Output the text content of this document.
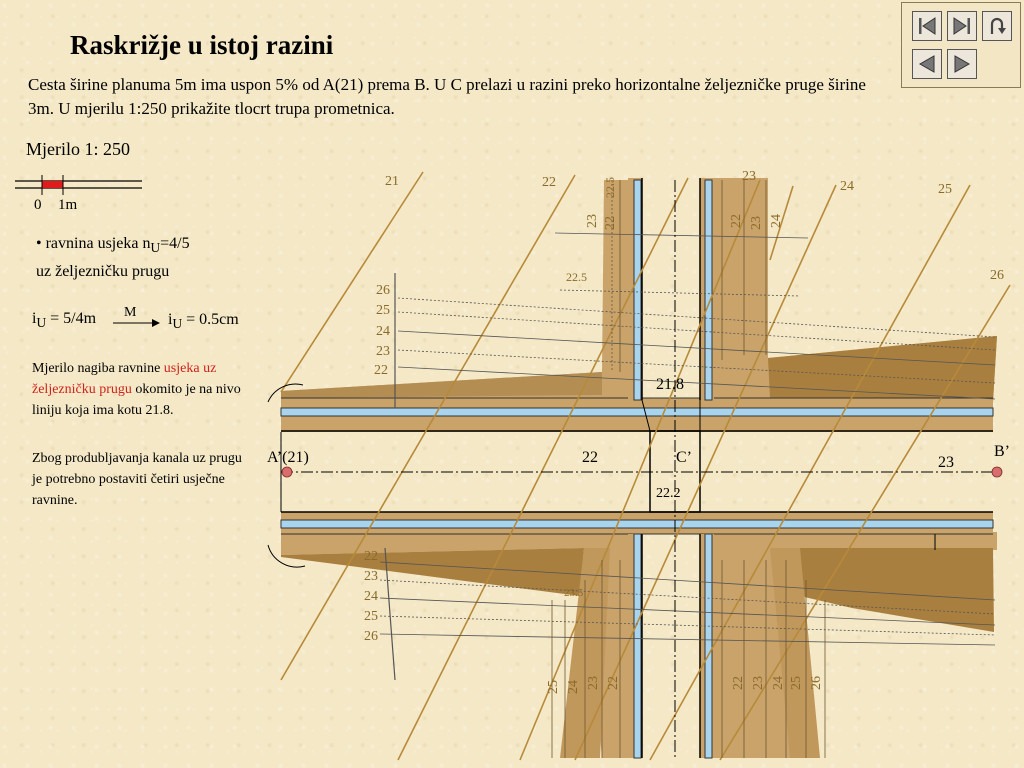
21	22	23
24	25
26
22.5
22.5
23 22	22 23 24
26
25
24
23
22
22
23
24
25
26
21.8
A’(21)	C’	B’
22	23
22.2
23.5
25 24 23 22	22 23 24 25 26
Raskrižje u istoj razini
Cesta širine planuma 5m ima uspon 5% od A(21) prema B. U C prelazi u razini preko horizontalne željezničke pruge širine 3m. U mjerilu 1:250 prikažite tlocrt trupa prometnica.
Mjerilo 1: 250
0 1m
• ravnina usjeka $n_U=4/5$
uz željezničku prugu
$i_U = 5/4m$ M $i_U = 0.5cm$
Mjerilo nagiba ravnine usjeka uz željezničku prugu okomito je na nivo liniju koja ima kotu 21.8.
Zbog produbljavanja kanala uz prugu je potrebno postaviti četiri usječne ravnine.
